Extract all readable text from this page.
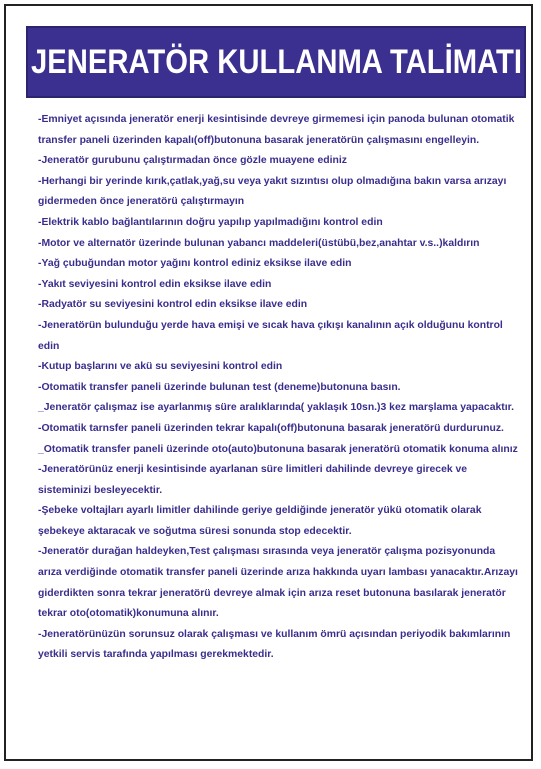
JENERATÖR KULLANMA TALİMATI

-Emniyet açısında jeneratör enerji kesintisinde devreye girmemesi için panoda bulunan otomatik transfer paneli üzerinden kapalı(off)butonuna basarak jeneratörün çalışmasını engelleyin.

-Jeneratör gurubunu çalıştırmadan önce gözle muayene ediniz

-Herhangi bir yerinde kırık,çatlak,yağ,su veya yakıt sızıntısı olup olmadığına bakın varsa arızayı gidermeden önce jeneratörü çalıştırmayın

-Elektrik kablo bağlantılarının doğru yapılıp yapılmadığını kontrol edin

-Motor ve alternatör üzerinde bulunan yabancı maddeleri(üstübü,bez,anahtar v.s..)kaldırın

-Yağ çubuğundan motor yağını kontrol ediniz eksikse ilave edin

-Yakıt seviyesini kontrol edin eksikse ilave edin

-Radyatör su seviyesini kontrol edin eksikse ilave edin

-Jeneratörün bulunduğu yerde hava emişi ve sıcak hava çıkışı kanalının açık olduğunu kontrol edin

-Kutup başlarını ve akü su seviyesini kontrol edin

-Otomatik transfer paneli üzerinde bulunan test (deneme)butonuna basın.

_Jeneratör çalışmaz ise ayarlanmış süre aralıklarında( yaklaşık 10sn.)3 kez marşlama yapacaktır.

-Otomatik tarnsfer paneli üzerinden tekrar kapalı(off)butonuna basarak jeneratörü durdurunuz.

_Otomatik transfer paneli üzerinde oto(auto)butonuna basarak jeneratörü otomatik konuma alınız

-Jeneratörünüz enerji kesintisinde ayarlanan süre limitleri dahilinde devreye girecek ve sisteminizi besleyecektir.

-Şebeke voltajları ayarlı limitler dahilinde geriye geldiğinde jeneratör yükü otomatik olarak şebekeye aktaracak ve soğutma süresi sonunda stop edecektir.

-Jeneratör durağan haldeyken,Test çalışması sırasında veya jeneratör çalışma pozisyonunda arıza verdiğinde otomatik transfer paneli üzerinde arıza hakkında uyarı lambası yanacaktır.Arızayı giderdikten sonra tekrar jeneratörü devreye almak için arıza reset butonuna basılarak jeneratör tekrar oto(otomatik)konumuna alınır.

-Jeneratörünüzün sorunsuz olarak çalışması ve kullanım ömrü açısından periyodik bakımlarının yetkili servis tarafında yapılması gerekmektedir.
